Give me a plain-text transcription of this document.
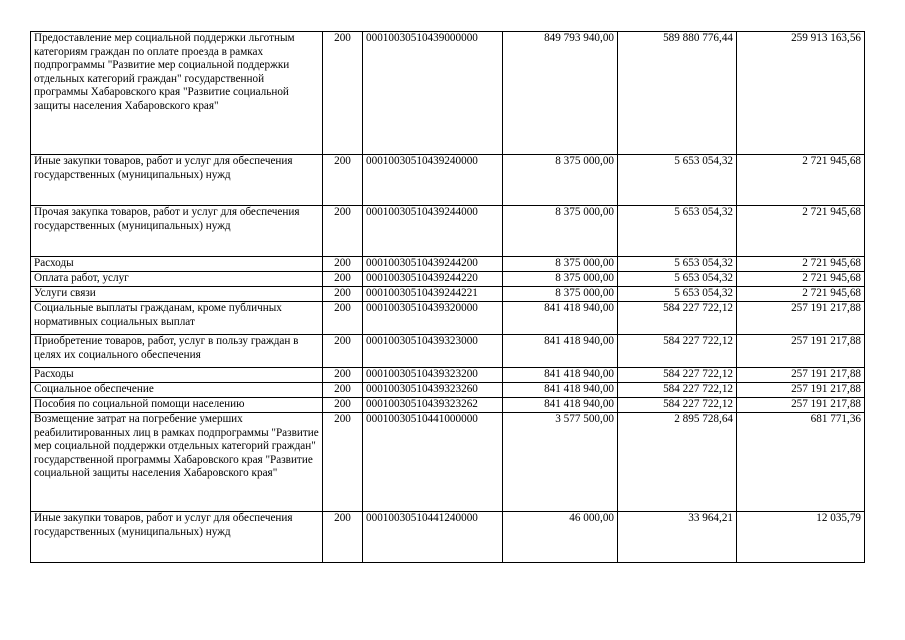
Предоставление мер социальной поддержки льготным категориям граждан по оплате проезда в рамках подпрограммы "Развитие мер социальной поддержки отдельных категорий граждан" государственной программы Хабаровского края "Развитие социальной защиты населения Хабаровского края"	200	00010030510439000000	849 793 940,00	589 880 776,44	259 913 163,56
Иные закупки товаров, работ и услуг для обеспечения государственных (муниципальных) нужд	200	00010030510439240000	8 375 000,00	5 653 054,32	2 721 945,68
Прочая закупка товаров, работ и услуг для обеспечения государственных (муниципальных) нужд	200	00010030510439244000	8 375 000,00	5 653 054,32	2 721 945,68
Расходы	200	00010030510439244200	8 375 000,00	5 653 054,32	2 721 945,68
Оплата работ, услуг	200	00010030510439244220	8 375 000,00	5 653 054,32	2 721 945,68
Услуги связи	200	00010030510439244221	8 375 000,00	5 653 054,32	2 721 945,68
Социальные выплаты гражданам, кроме публичных нормативных социальных выплат	200	00010030510439320000	841 418 940,00	584 227 722,12	257 191 217,88
Приобретение товаров, работ, услуг в пользу граждан в целях их социального обеспечения	200	00010030510439323000	841 418 940,00	584 227 722,12	257 191 217,88
Расходы	200	00010030510439323200	841 418 940,00	584 227 722,12	257 191 217,88
Социальное обеспечение	200	00010030510439323260	841 418 940,00	584 227 722,12	257 191 217,88
Пособия по социальной помощи населению	200	00010030510439323262	841 418 940,00	584 227 722,12	257 191 217,88
Возмещение затрат на погребение умерших реабилитированных лиц в рамках подпрограммы "Развитие мер социальной поддержки отдельных категорий граждан" государственной программы Хабаровского края "Развитие социальной защиты населения Хабаровского края"	200	00010030510441000000	3 577 500,00	2 895 728,64	681 771,36
Иные закупки товаров, работ и услуг для обеспечения государственных (муниципальных) нужд	200	00010030510441240000	46 000,00	33 964,21	12 035,79
